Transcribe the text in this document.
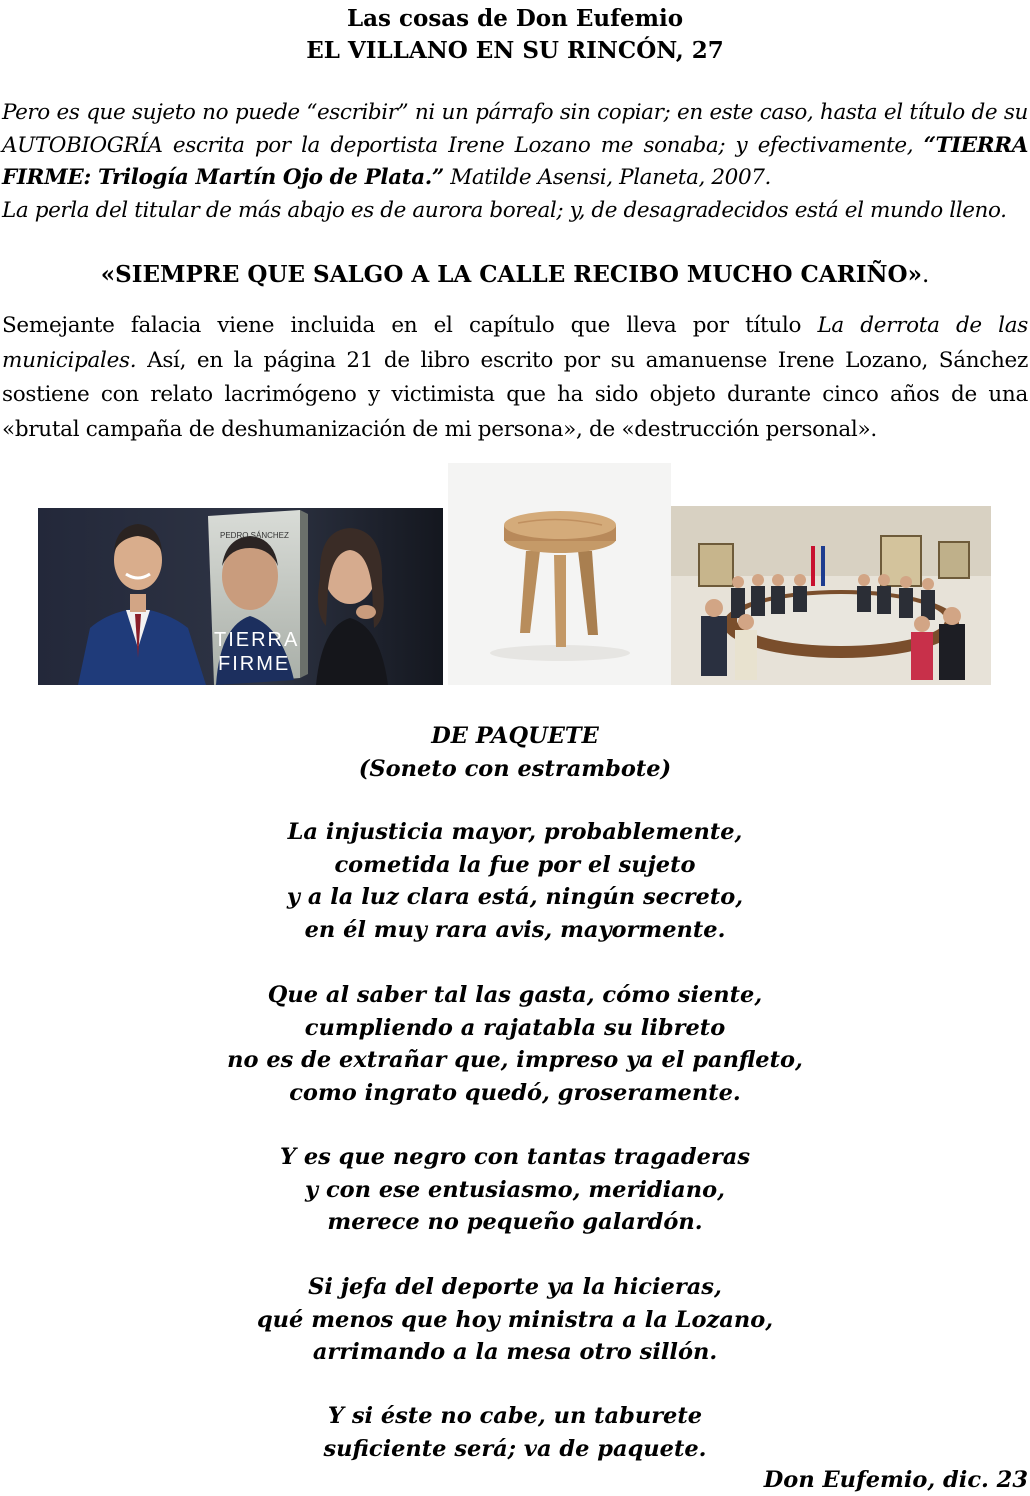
Las cosas de Don Eufemio
EL VILLANO EN SU RINCÓN, 27

Pero es que sujeto no puede “escribir” ni un párrafo sin copiar; en este caso, hasta el título de su AUTOBIOGRÍA escrita por la deportista Irene Lozano me sonaba; y efectivamente, “TIERRA FIRME: Trilogía Martín Ojo de Plata.” Matilde Asensi, Planeta, 2007.

La perla del titular de más abajo es de aurora boreal; y, de desagradecidos está el mundo lleno.

«SIEMPRE QUE SALGO A LA CALLE RECIBO MUCHO CARIÑO».
Semejante falacia viene incluida en el capítulo que lleva por título La derrota de las municipales. Así, en la página 21 de libro escrito por su amanuense Irene Lozano, Sánchez sostiene con relato lacrimógeno y victimista que ha sido objeto durante cinco años de una «brutal campaña de deshumanización de mi persona», de «destrucción personal».
PEDRO SÁNCHEZ
TIERRA
FIRME
DE PAQUETE
(Soneto con estrambote)
La injusticia mayor, probablemente,
cometida la fue por el sujeto
y a la luz clara está, ningún secreto,
en él muy rara avis, mayormente.
Que al saber tal las gasta, cómo siente,
cumpliendo a rajatabla su libreto
no es de extrañar que, impreso ya el panfleto,
como ingrato quedó, groseramente.
Y es que negro con tantas tragaderas
y con ese entusiasmo, meridiano,
merece no pequeño galardón.
Si jefa del deporte ya la hicieras,
qué menos que hoy ministra a la Lozano,
arrimando a la mesa otro sillón.
Y si éste no cabe, un taburete
suficiente será; va de paquete.
Don Eufemio, dic. 23
